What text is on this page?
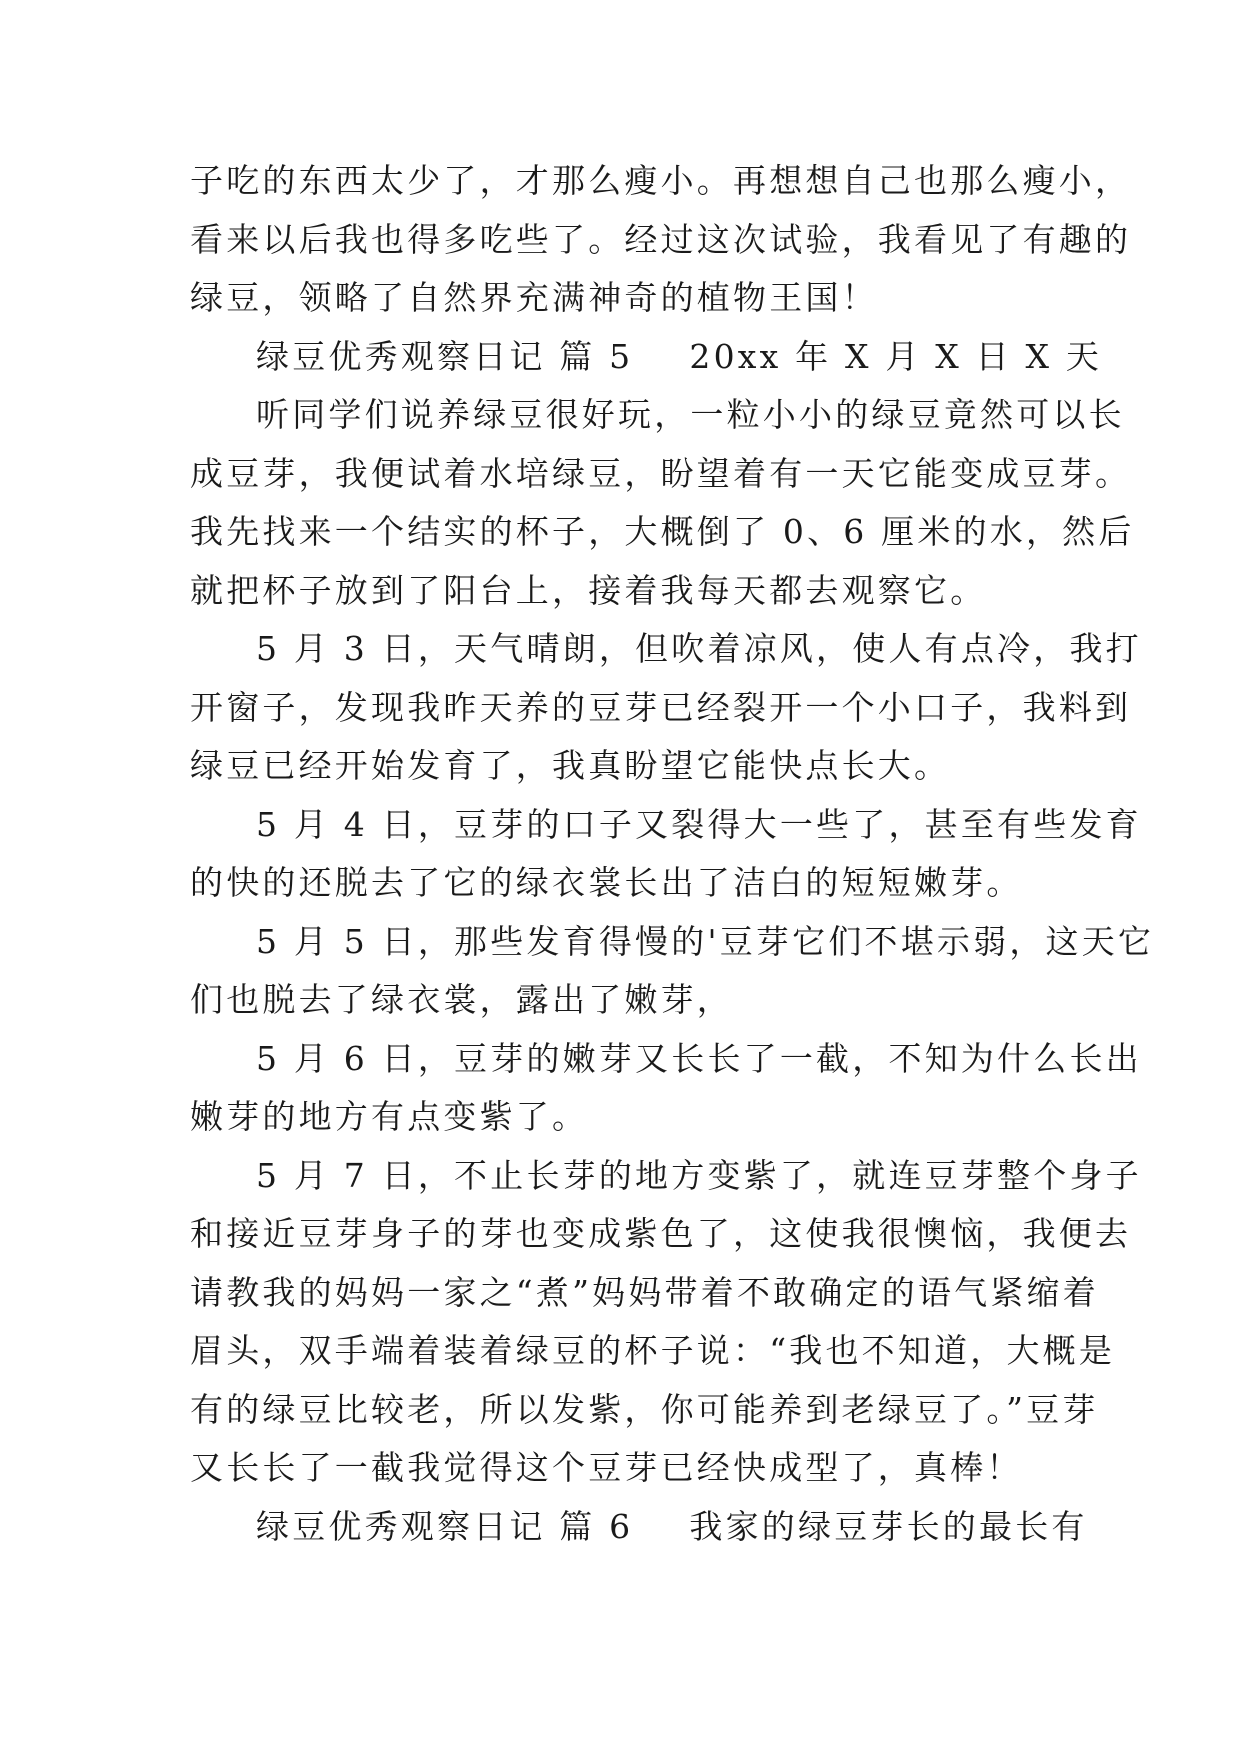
子吃的东西太少了，才那么瘦小。再想想自己也那么瘦小，
看来以后我也得多吃些了。经过这次试验，我看见了有趣的
绿豆，领略了自然界充满神奇的植物王国！
绿豆优秀观察日记 篇 5 20xx 年 X 月 X 日 X 天
听同学们说养绿豆很好玩，一粒小小的绿豆竟然可以长
成豆芽，我便试着水培绿豆，盼望着有一天它能变成豆芽。
我先找来一个结实的杯子，大概倒了 0、6 厘米的水，然后
就把杯子放到了阳台上，接着我每天都去观察它。
5 月 3 日，天气晴朗，但吹着凉风，使人有点冷，我打
开窗子，发现我昨天养的豆芽已经裂开一个小口子，我料到
绿豆已经开始发育了，我真盼望它能快点长大。
5 月 4 日，豆芽的口子又裂得大一些了，甚至有些发育
的快的还脱去了它的绿衣裳长出了洁白的短短嫩芽。
5 月 5 日，那些发育得慢的'豆芽它们不堪示弱，这天它
们也脱去了绿衣裳，露出了嫩芽，
5 月 6 日，豆芽的嫩芽又长长了一截，不知为什么长出
嫩芽的地方有点变紫了。
5 月 7 日，不止长芽的地方变紫了，就连豆芽整个身子
和接近豆芽身子的芽也变成紫色了，这使我很懊恼，我便去
请教我的妈妈一家之“煮”妈妈带着不敢确定的语气紧缩着
眉头，双手端着装着绿豆的杯子说：“我也不知道，大概是
有的绿豆比较老，所以发紫，你可能养到老绿豆了。”豆芽
又长长了一截我觉得这个豆芽已经快成型了，真棒！
绿豆优秀观察日记 篇 6 我家的绿豆芽长的最长有
